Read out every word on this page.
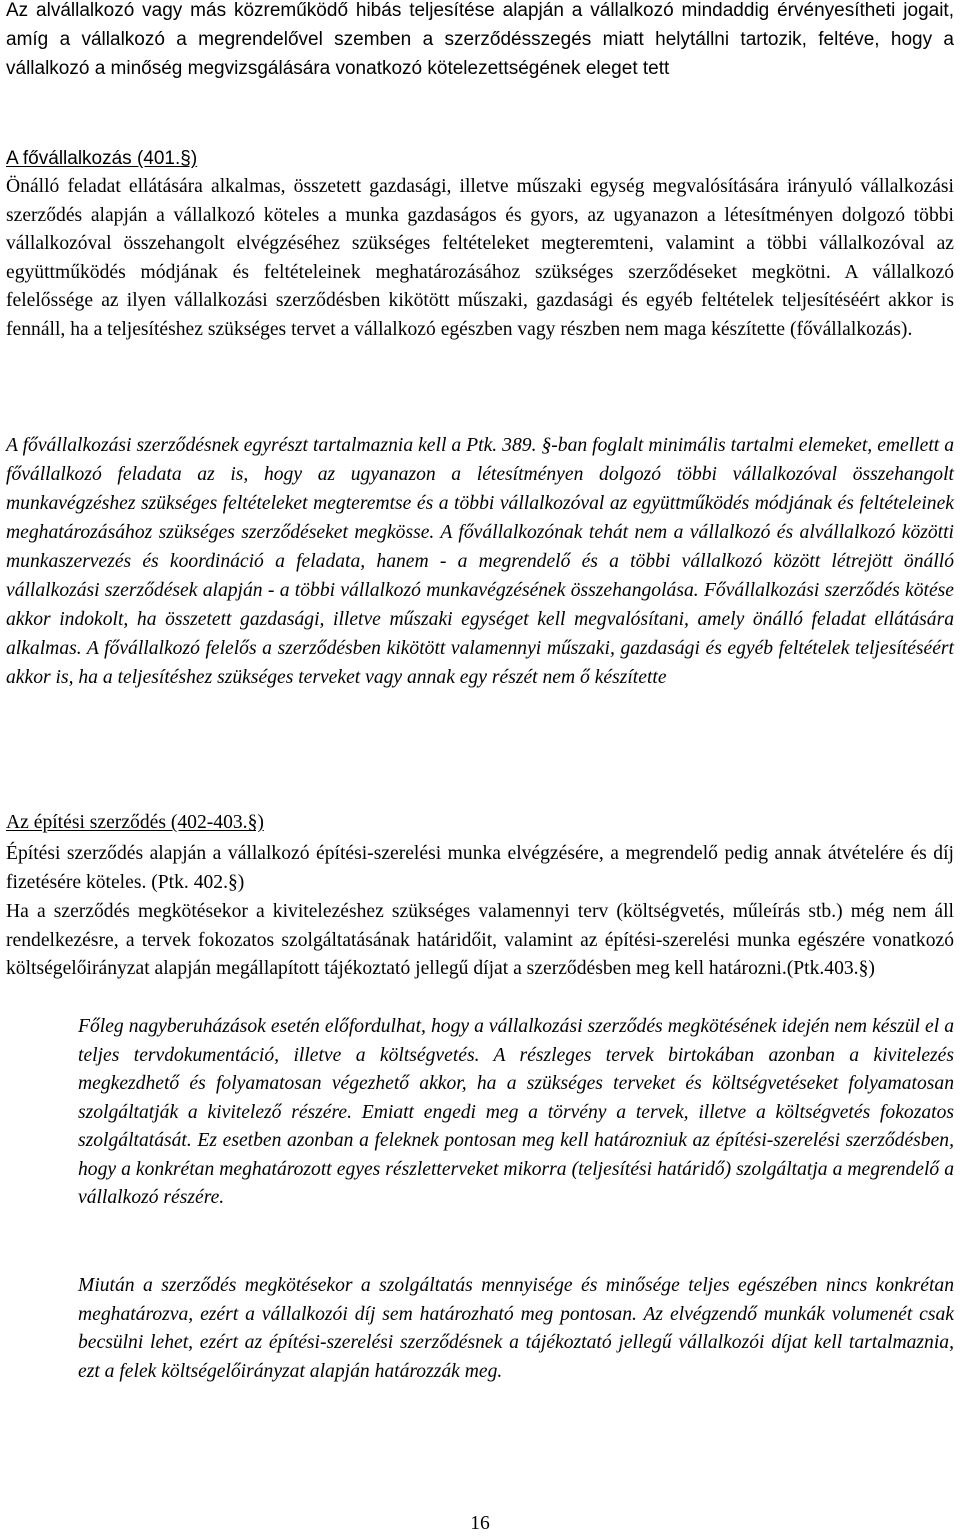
Az alvállalkozó vagy más közreműködő hibás teljesítése alapján a vállalkozó mindaddig érvényesítheti jogait, amíg a vállalkozó a megrendelővel szemben a szerződésszegés miatt helytállni tartozik, feltéve, hogy a vállalkozó a minőség megvizsgálására vonatkozó kötelezettségének eleget tett

A fővállalkozás (401.§)

Önálló feladat ellátására alkalmas, összetett gazdasági, illetve műszaki egység megvalósítására irányuló vállalkozási szerződés alapján a vállalkozó köteles a munka gazdaságos és gyors, az ugyanazon a létesítményen dolgozó többi vállalkozóval összehangolt elvégzéséhez szükséges feltételeket megteremteni, valamint a többi vállalkozóval az együttműködés módjának és feltételeinek meghatározásához szükséges szerződéseket megkötni. A vállalkozó felelőssége az ilyen vállalkozási szerződésben kikötött műszaki, gazdasági és egyéb feltételek teljesítéséért akkor is fennáll, ha a teljesítéshez szükséges tervet a vállalkozó egészben vagy részben nem maga készítette (fővállalkozás).

A fővállalkozási szerződésnek egyrészt tartalmaznia kell a Ptk. 389. §-ban foglalt minimális tartalmi elemeket, emellett a fővállalkozó feladata az is, hogy az ugyanazon a létesítményen dolgozó többi vállalkozóval összehangolt munkavégzéshez szükséges feltételeket megteremtse és a többi vállalkozóval az együttműködés módjának és feltételeinek meghatározásához szükséges szerződéseket megkösse. A fővállalkozónak tehát nem a vállalkozó és alvállalkozó közötti munkaszervezés és koordináció a feladata, hanem - a megrendelő és a többi vállalkozó között létrejött önálló vállalkozási szerződések alapján - a többi vállalkozó munkavégzésének összehangolása. Fővállalkozási szerződés kötése akkor indokolt, ha összetett gazdasági, illetve műszaki egységet kell megvalósítani, amely önálló feladat ellátására alkalmas. A fővállalkozó felelős a szerződésben kikötött valamennyi műszaki, gazdasági és egyéb feltételek teljesítéséért akkor is, ha a teljesítéshez szükséges terveket vagy annak egy részét nem ő készítette

Az építési szerződés (402-403.§)

Építési szerződés alapján a vállalkozó építési-szerelési munka elvégzésére, a megrendelő pedig annak átvételére és díj fizetésére köteles. (Ptk. 402.§)

Ha a szerződés megkötésekor a kivitelezéshez szükséges valamennyi terv (költségvetés, műleírás stb.) még nem áll rendelkezésre, a tervek fokozatos szolgáltatásának határidőit, valamint az építési-szerelési munka egészére vonatkozó költségelőirányzat alapján megállapított tájékoztató jellegű díjat a szerződésben meg kell határozni.(Ptk.403.§)

Főleg nagyberuházások esetén előfordulhat, hogy a vállalkozási szerződés megkötésének idején nem készül el a teljes tervdokumentáció, illetve a költségvetés. A részleges tervek birtokában azonban a kivitelezés megkezdhető és folyamatosan végezhető akkor, ha a szükséges terveket és költségvetéseket folyamatosan szolgáltatják a kivitelező részére. Emiatt engedi meg a törvény a tervek, illetve a költségvetés fokozatos szolgáltatását. Ez esetben azonban a feleknek pontosan meg kell határozniuk az építési-szerelési szerződésben, hogy a konkrétan meghatározott egyes részletterveket mikorra (teljesítési határidő) szolgáltatja a megrendelő a vállalkozó részére.

Miután a szerződés megkötésekor a szolgáltatás mennyisége és minősége teljes egészében nincs konkrétan meghatározva, ezért a vállalkozói díj sem határozható meg pontosan. Az elvégzendő munkák volumenét csak becsülni lehet, ezért az építési-szerelési szerződésnek a tájékoztató jellegű vállalkozói díjat kell tartalmaznia, ezt a felek költségelőirányzat alapján határozzák meg.

16
